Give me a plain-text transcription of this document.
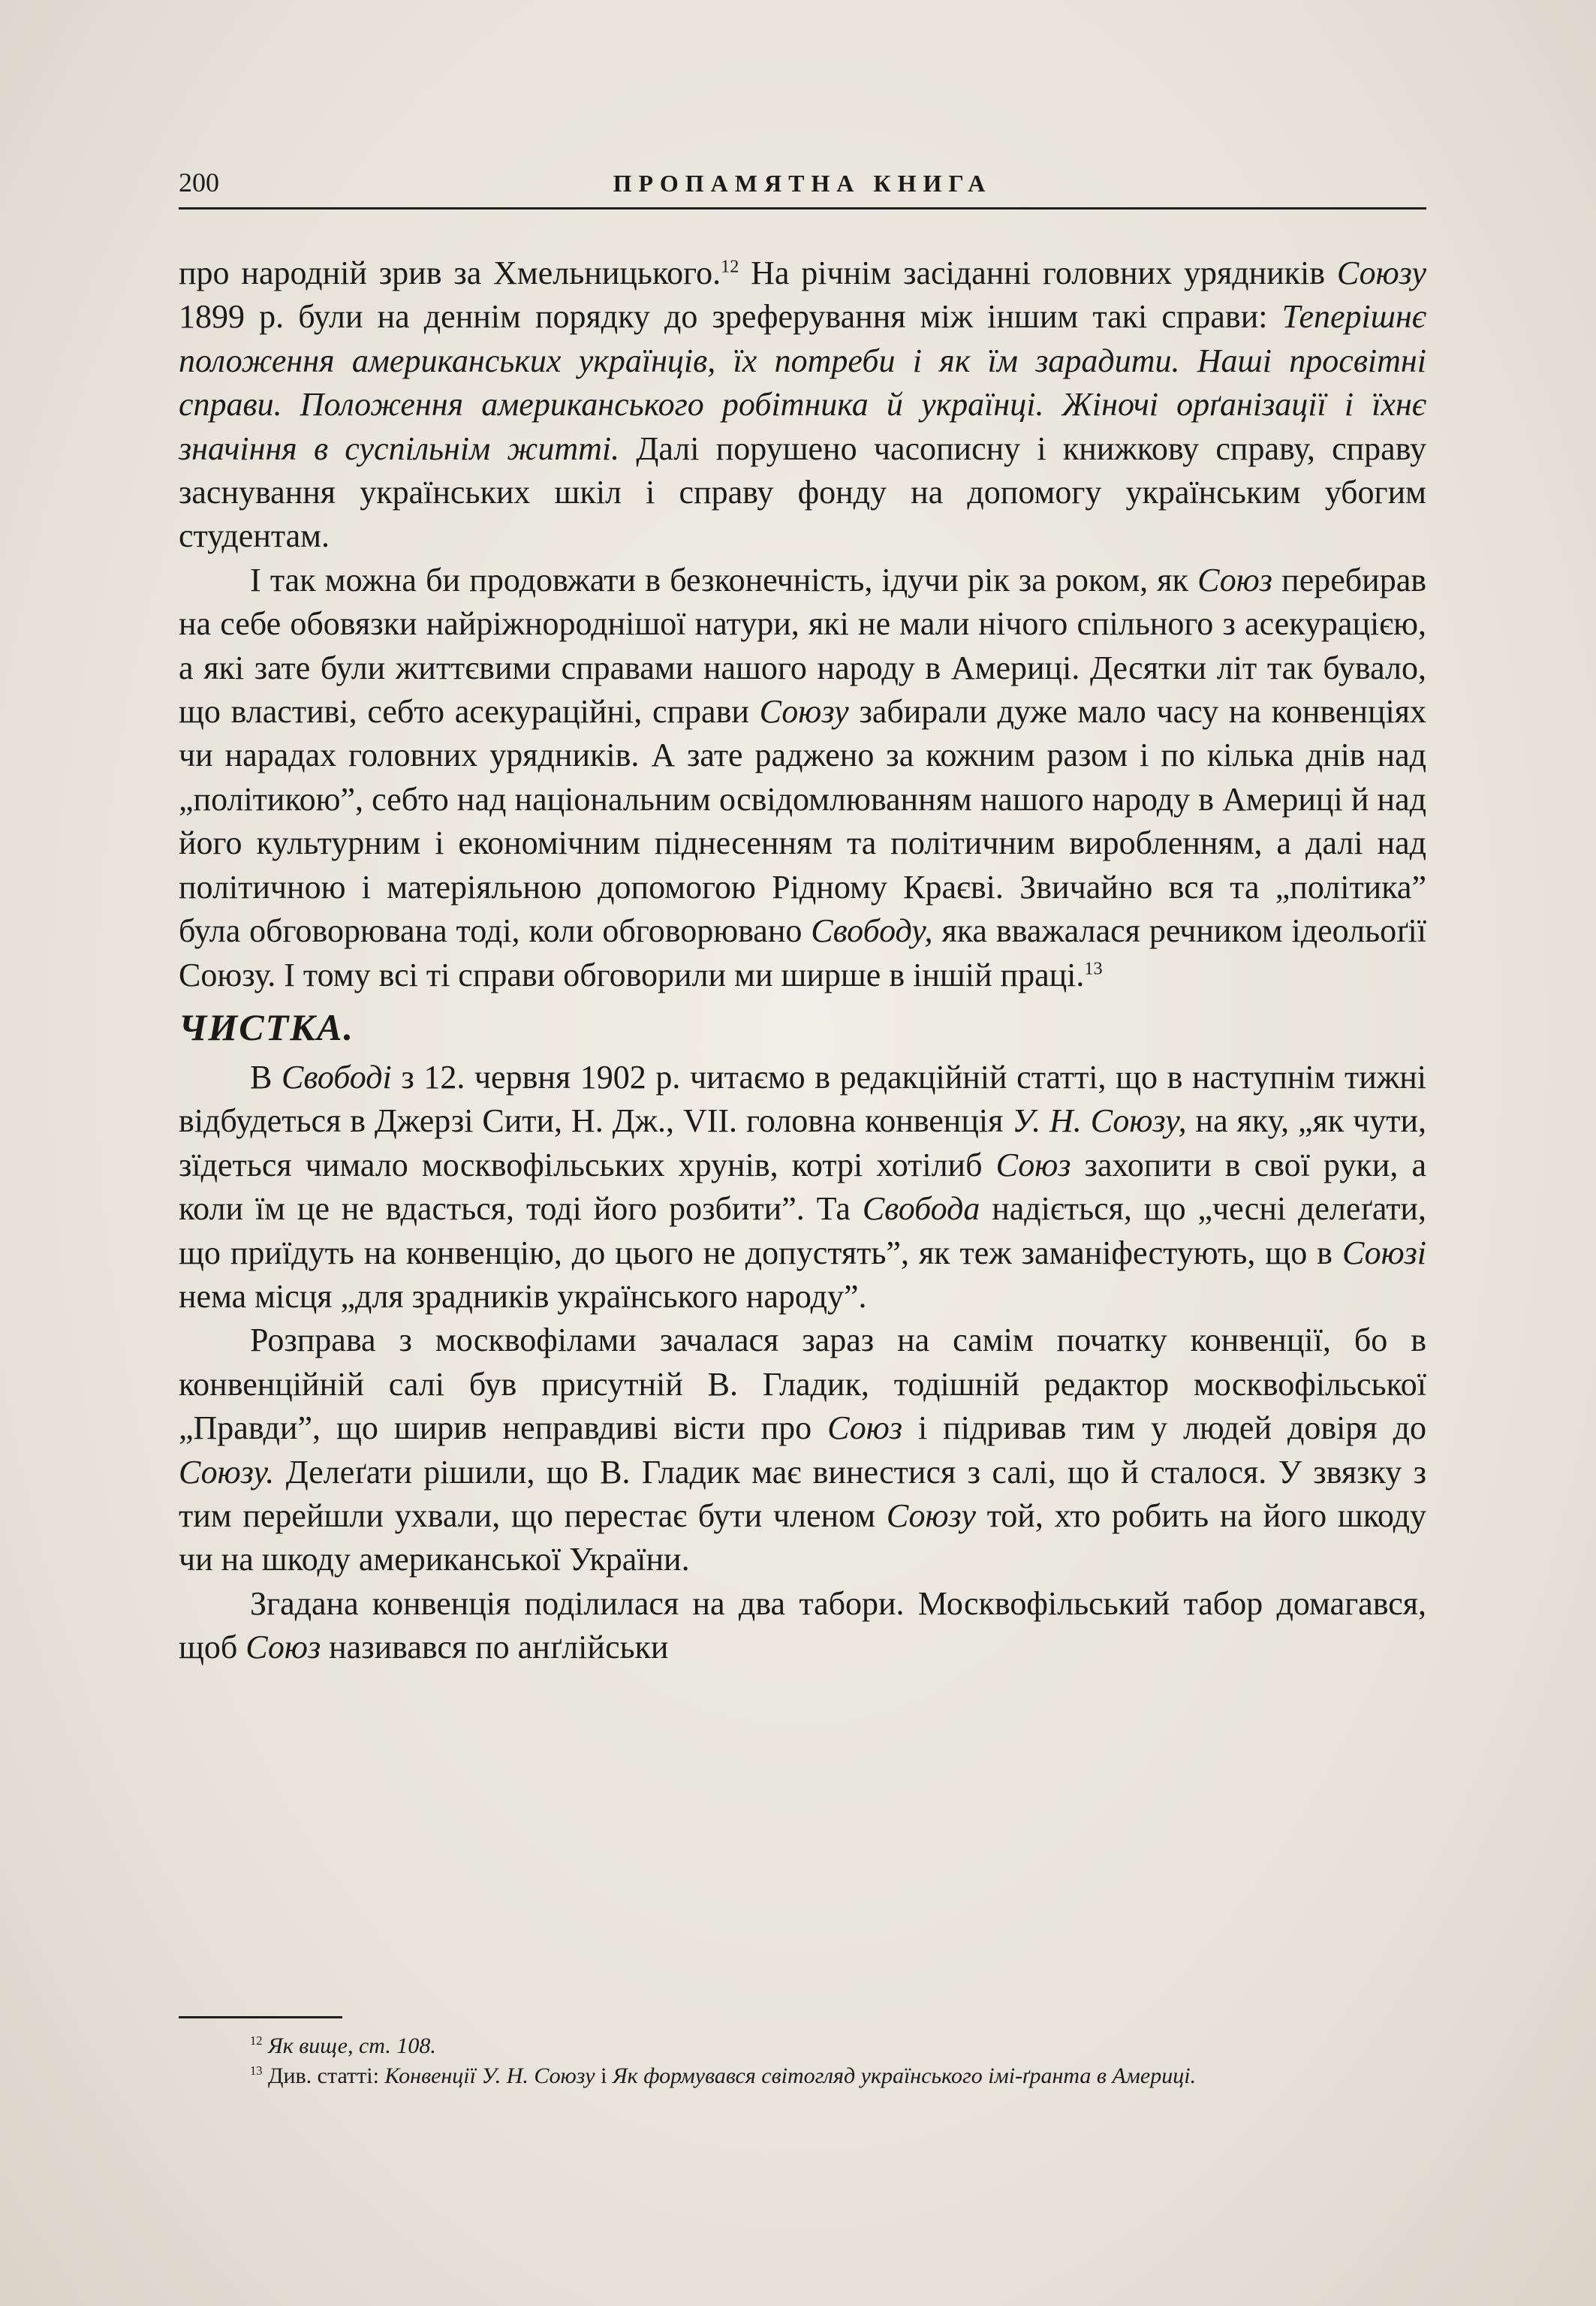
200	ПРОПАМЯТНА КНИГА

про народній зрив за Хмельницького.$^{12}$ На річнім засіданні головних урядників Союзу 1899 р. були на деннім порядку до зреферування між іншим такі справи: Теперішнє положення американських українців, їх потреби і як їм зарадити. Наші просвітні справи. Положення американського робітника й українці. Жіночі орґанізації і їхнє значіння в суспільнім житті. Далі порушено часописну і книжкову справу, справу заснування українських шкіл і справу фонду на допомогу українським убогим студентам.

І так можна би продовжати в безконечність, ідучи рік за роком, як Союз перебирав на себе обовязки найріжнороднішої натури, які не мали нічого спільного з асекурацією, а які зате були життєвими справами нашого народу в Америці. Десятки літ так бувало, що властиві, себто асекураційні, справи Союзу забирали дуже мало часу на конвенціях чи нарадах головних урядників. А зате раджено за кожним разом і по кілька днів над „політикою”, себто над національним освідомлюванням нашого народу в Америці й над його культурним і економічним піднесенням та політичним виробленням, а далі над політичною і матеріяльною допомогою Рідному Краєві. Звичайно вся та „політика” була обговорювана тоді, коли обговорювано Свободу, яка вважалася речником ідеольоґії Союзу. І тому всі ті справи обговорили ми ширше в іншій праці.$^{13}$

ЧИСТКА.

В Свободі з 12. червня 1902 р. читаємо в редакційній статті, що в наступнім тижні відбудеться в Джерзі Сити, Н. Дж., VII. головна конвенція У. Н. Союзу, на яку, „як чути, зїдеться чимало москвофільських хрунів, котрі хотілиб Союз захопити в свої руки, а коли їм це не вдасться, тоді його розбити”. Та Свобода надіється, що „чесні делеґати, що приїдуть на конвенцію, до цього не допустять”, як теж заманіфестують, що в Союзі нема місця „для зрадників українського народу”.

Розправа з москвофілами зачалася зараз на самім початку конвенції, бо в конвенційній салі був присутній В. Гладик, тодішній редактор москвофільської „Правди”, що ширив неправдиві вісти про Союз і підривав тим у людей довіря до Союзу. Делеґати рішили, що В. Гладик має винестися з салі, що й сталося. У звязку з тим перейшли ухвали, що перестає бути членом Союзу той, хто робить на його шкоду чи на шкоду американської України.

Згадана конвенція поділилася на два табори. Москвофільський табор домагався, щоб Союз називався по анґлійськи

$^{12}$ Як вище, ст. 108.

$^{13}$ Див. статті: Конвенції У. Н. Союзу і Як формувався світогляд українського імі-ґранта в Америці.
